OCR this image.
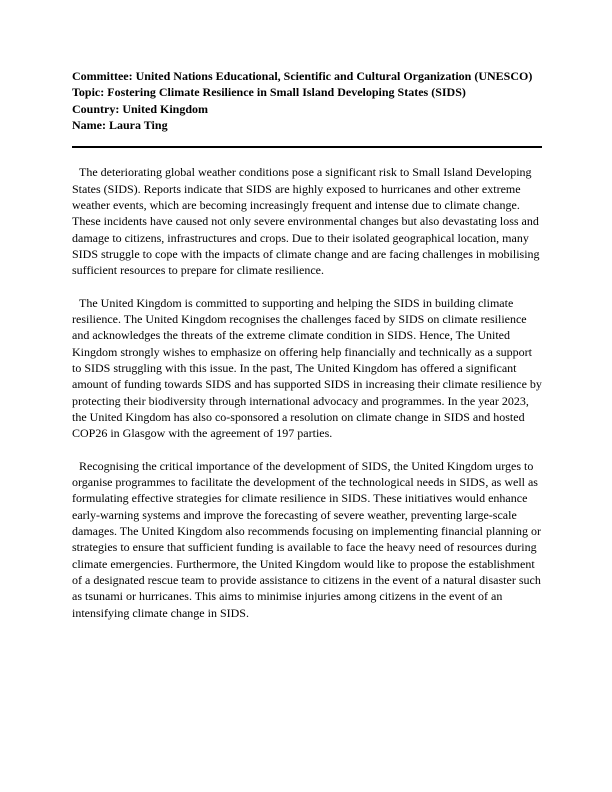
Committee: United Nations Educational, Scientific and Cultural Organization (UNESCO)
Topic: Fostering Climate Resilience in Small Island Developing States (SIDS)
Country: United Kingdom
Name: Laura Ting

The deteriorating global weather conditions pose a significant risk to Small Island Developing States (SIDS). Reports indicate that SIDS are highly exposed to hurricanes and other extreme weather events, which are becoming increasingly frequent and intense due to climate change. These incidents have caused not only severe environmental changes but also devastating loss and damage to citizens, infrastructures and crops. Due to their isolated geographical location, many SIDS struggle to cope with the impacts of climate change and are facing challenges in mobilising sufficient resources to prepare for climate resilience.

The United Kingdom is committed to supporting and helping the SIDS in building climate resilience. The United Kingdom recognises the challenges faced by SIDS on climate resilience and acknowledges the threats of the extreme climate condition in SIDS. Hence, The United Kingdom strongly wishes to emphasize on offering help financially and technically as a support to SIDS struggling with this issue. In the past, The United Kingdom has offered a significant amount of funding towards SIDS and has supported SIDS in increasing their climate resilience by protecting their biodiversity through international advocacy and programmes. In the year 2023, the United Kingdom has also co-sponsored a resolution on climate change in SIDS and hosted COP26 in Glasgow with the agreement of 197 parties.

Recognising the critical importance of the development of SIDS, the United Kingdom urges to organise programmes to facilitate the development of the technological needs in SIDS, as well as formulating effective strategies for climate resilience in SIDS. These initiatives would enhance early-warning systems and improve the forecasting of severe weather, preventing large-scale damages. The United Kingdom also recommends focusing on implementing financial planning or strategies to ensure that sufficient funding is available to face the heavy need of resources during climate emergencies. Furthermore, the United Kingdom would like to propose the establishment of a designated rescue team to provide assistance to citizens in the event of a natural disaster such as tsunami or hurricanes. This aims to minimise injuries among citizens in the event of an intensifying climate change in SIDS.
